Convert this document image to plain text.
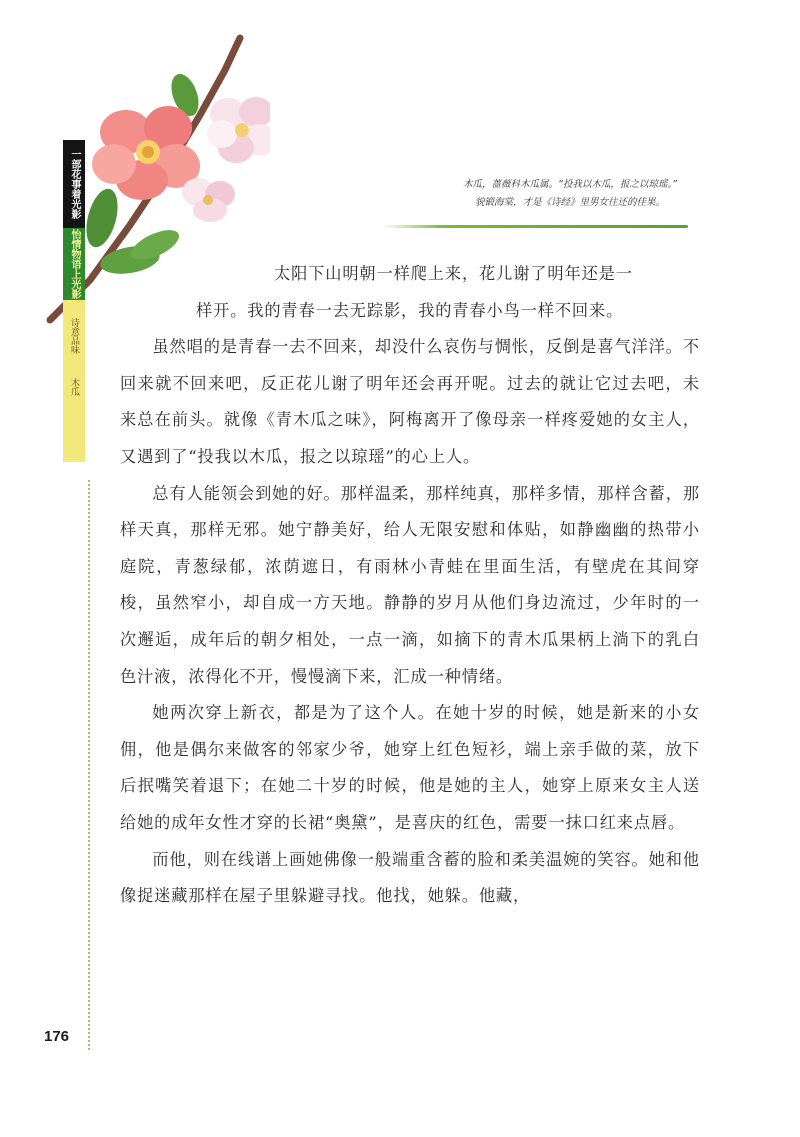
一部花事着光影
怡情物语上光影
诗意品味
木瓜
木瓜，蔷薇科木瓜属。“投我以木瓜，报之以琼瑶。”
貌锻海棠，才是《诗经》里男女往还的佳果。

太阳下山明朝一样爬上来，花儿谢了明年还是一
样开。我的青春一去无踪影，我的青春小鸟一样不回来。

虽然唱的是青春一去不回来，却没什么哀伤与惆怅，反倒是喜气洋洋。不回来就不回来吧，反正花儿谢了明年还会再开呢。过去的就让它过去吧，未来总在前头。就像《青木瓜之味》，阿梅离开了像母亲一样疼爱她的女主人，又遇到了“投我以木瓜，报之以琼瑶”的心上人。

总有人能领会到她的好。那样温柔，那样纯真，那样多情，那样含蓄，那样天真，那样无邪。她宁静美好，给人无限安慰和体贴，如静幽幽的热带小庭院，青葱绿郁，浓荫遮日，有雨林小青蛙在里面生活，有壁虎在其间穿梭，虽然窄小，却自成一方天地。静静的岁月从他们身边流过，少年时的一次邂逅，成年后的朝夕相处，一点一滴，如摘下的青木瓜果柄上淌下的乳白色汁液，浓得化不开，慢慢滴下来，汇成一种情绪。

她两次穿上新衣，都是为了这个人。在她十岁的时候，她是新来的小女佣，他是偶尔来做客的邻家少爷，她穿上红色短衫，端上亲手做的菜，放下后抿嘴笑着退下；在她二十岁的时候，他是她的主人，她穿上原来女主人送给她的成年女性才穿的长裙“奥黛”，是喜庆的红色，需要一抹口红来点唇。

而他，则在线谱上画她佛像一般端重含蓄的脸和柔美温婉的笑容。她和他像捉迷藏那样在屋子里躲避寻找。他找，她躲。他藏，

176
